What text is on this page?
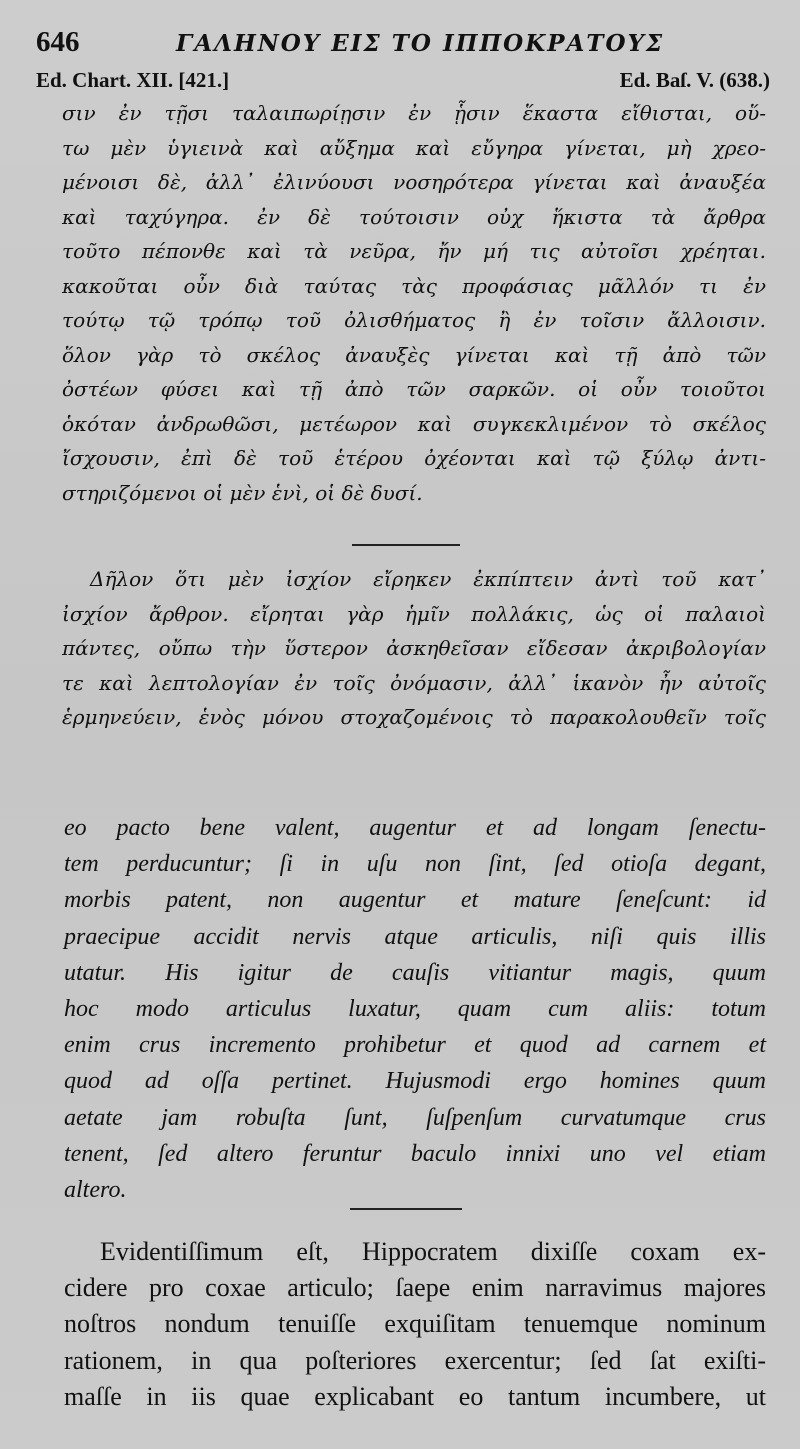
646	ΓΑΛΗΝΟΥ ΕΙΣ ΤΟ ΙΠΠΟΚΡΑΤΟΥΣ
Ed. Chart. XII. [421.]	Ed. Baſ. V. (638.)
σιν ἐν τῇσι ταλαιπωρίῃσιν ἐν ᾗσιν ἕκαστα εἴθισται, οὕ-
τω μὲν ὑγιεινὰ καὶ αὔξημα καὶ εὔγηρα γίνεται, μὴ χρεο-
μένοισι δὲ, ἀλλ᾽ ἐλινύουσι νοσηρότερα γίνεται καὶ ἀναυξέα
καὶ ταχύγηρα. ἐν δὲ τούτοισιν οὐχ ἥκιστα τὰ ἄρθρα
τοῦτο πέπονθε καὶ τὰ νεῦρα, ἤν μή τις αὐτοῖσι χρέηται.
κακοῦται οὖν διὰ ταύτας τὰς προφάσιας μᾶλλόν τι ἐν
τούτῳ τῷ τρόπῳ τοῦ ὀλισθήματος ἢ ἐν τοῖσιν ἄλλοισιν.
ὅλον γὰρ τὸ σκέλος ἀναυξὲς γίνεται καὶ τῇ ἀπὸ τῶν
ὀστέων φύσει καὶ τῇ ἀπὸ τῶν σαρκῶν. οἱ οὖν τοιοῦτοι
ὁκόταν ἀνδρωθῶσι, μετέωρον καὶ συγκεκλιμένον τὸ σκέλος
ἴσχουσιν, ἐπὶ δὲ τοῦ ἑτέρου ὀχέονται καὶ τῷ ξύλῳ ἀντι-
στηριζόμενοι οἱ μὲν ἑνὶ, οἱ δὲ δυσί.
Δῆλον ὅτι μὲν ἰσχίον εἴρηκεν ἐκπίπτειν ἀντὶ τοῦ κατ᾽
ἰσχίον ἄρθρον. εἴρηται γὰρ ἡμῖν πολλάκις, ὡς οἱ παλαιοὶ
πάντες, οὔπω τὴν ὕστερον ἀσκηθεῖσαν εἴδεσαν ἀκριβολογίαν
τε καὶ λεπτολογίαν ἐν τοῖς ὀνόμασιν, ἀλλ᾽ ἱκανὸν ἦν αὐτοῖς
ἑρμηνεύειν, ἑνὸς μόνου στοχαζομένοις τὸ παρακολουθεῖν τοῖς
eo pacto bene valent, augentur et ad longam ſenectu-
tem perducuntur; ſi in uſu non ſint, ſed otioſa degant,
morbis patent, non augentur et mature ſeneſcunt: id
praecipue accidit nervis atque articulis, niſi quis illis
utatur. His igitur de cauſis vitiantur magis, quum
hoc modo articulus luxatur, quam cum aliis: totum
enim crus incremento prohibetur et quod ad carnem et
quod ad oſſa pertinet. Hujusmodi ergo homines quum
aetate jam robuſta ſunt, ſuſpenſum curvatumque crus
tenent, ſed altero feruntur baculo innixi uno vel etiam
altero.
Evidentiſſimum eſt, Hippocratem dixiſſe coxam ex-
cidere pro coxae articulo; ſaepe enim narravimus majores
noſtros nondum tenuiſſe exquiſitam tenuemque nominum
rationem, in qua poſteriores exercentur; ſed ſat exiſti-
maſſe in iis quae explicabant eo tantum incumbere, ut
